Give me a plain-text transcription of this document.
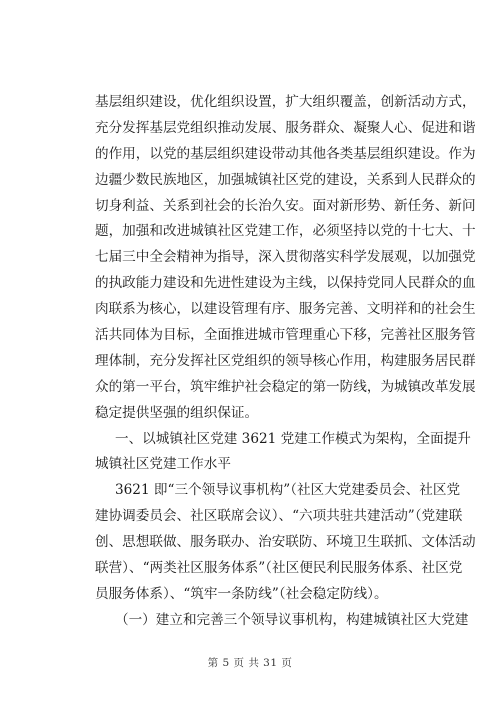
基层组织建设，优化组织设置，扩大组织覆盖，创新活动方式，
充分发挥基层党组织推动发展、服务群众、凝聚人心、促进和谐
的作用，以党的基层组织建设带动其他各类基层组织建设。作为
边疆少数民族地区，加强城镇社区党的建设，关系到人民群众的
切身利益、关系到社会的长治久安。面对新形势、新任务、新问
题，加强和改进城镇社区党建工作，必须坚持以党的十七大、十
七届三中全会精神为指导，深入贯彻落实科学发展观，以加强党
的执政能力建设和先进性建设为主线，以保持党同人民群众的血
肉联系为核心，以建设管理有序、服务完善、文明祥和的社会生
活共同体为目标，全面推进城市管理重心下移，完善社区服务管
理体制，充分发挥社区党组织的领导核心作用，构建服务居民群
众的第一平台，筑牢维护社会稳定的第一防线，为城镇改革发展
稳定提供坚强的组织保证。
一、以城镇社区党建 3621 党建工作模式为架构，全面提升
城镇社区党建工作水平
3621 即“三个领导议事机构”（社区大党建委员会、社区党
建协调委员会、社区联席会议）、“六项共驻共建活动”（党建联
创、思想联做、服务联办、治安联防、环境卫生联抓、文体活动
联营）、“两类社区服务体系”（社区便民利民服务体系、社区党
员服务体系）、“筑牢一条防线”（社会稳定防线）。
（一）建立和完善三个领导议事机构，构建城镇社区大党建
第 5 页 共 31 页
